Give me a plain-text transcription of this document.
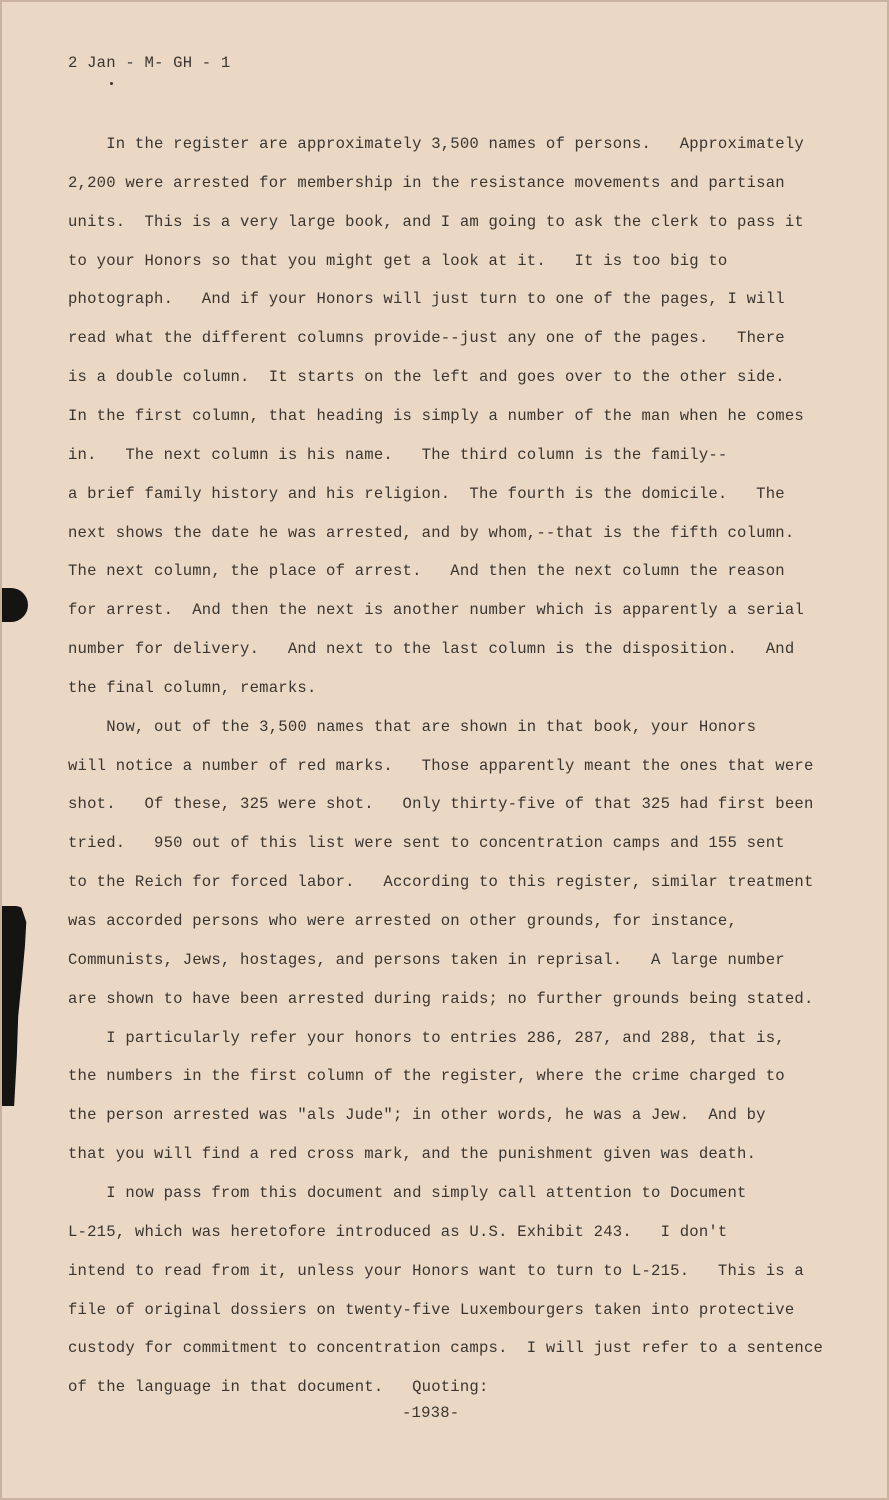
2 Jan - M- GH - 1
In the register are approximately 3,500 names of persons.   Approximately
2,200 were arrested for membership in the resistance movements and partisan
units.  This is a very large book, and I am going to ask the clerk to pass it
to your Honors so that you might get a look at it.   It is too big to
photograph.   And if your Honors will just turn to one of the pages, I will
read what the different columns provide--just any one of the pages.   There
is a double column.  It starts on the left and goes over to the other side.
In the first column, that heading is simply a number of the man when he comes
in.   The next column is his name.   The third column is the family--
a brief family history and his religion.  The fourth is the domicile.   The
next shows the date he was arrested, and by whom,--that is the fifth column.
The next column, the place of arrest.   And then the next column the reason
for arrest.  And then the next is another number which is apparently a serial
number for delivery.   And next to the last column is the disposition.   And
the final column, remarks.
Now, out of the 3,500 names that are shown in that book, your Honors
will notice a number of red marks.   Those apparently meant the ones that were
shot.   Of these, 325 were shot.   Only thirty-five of that 325 had first been
tried.   950 out of this list were sent to concentration camps and 155 sent
to the Reich for forced labor.   According to this register, similar treatment
was accorded persons who were arrested on other grounds, for instance,
Communists, Jews, hostages, and persons taken in reprisal.   A large number
are shown to have been arrested during raids; no further grounds being stated.
I particularly refer your honors to entries 286, 287, and 288, that is,
the numbers in the first column of the register, where the crime charged to
the person arrested was "als Jude"; in other words, he was a Jew.  And by
that you will find a red cross mark, and the punishment given was death.
I now pass from this document and simply call attention to Document
L-215, which was heretofore introduced as U.S. Exhibit 243.   I don't
intend to read from it, unless your Honors want to turn to L-215.   This is a
file of original dossiers on twenty-five Luxembourgers taken into protective
custody for commitment to concentration camps.  I will just refer to a sentence
of the language in that document.   Quoting:
-1938-
